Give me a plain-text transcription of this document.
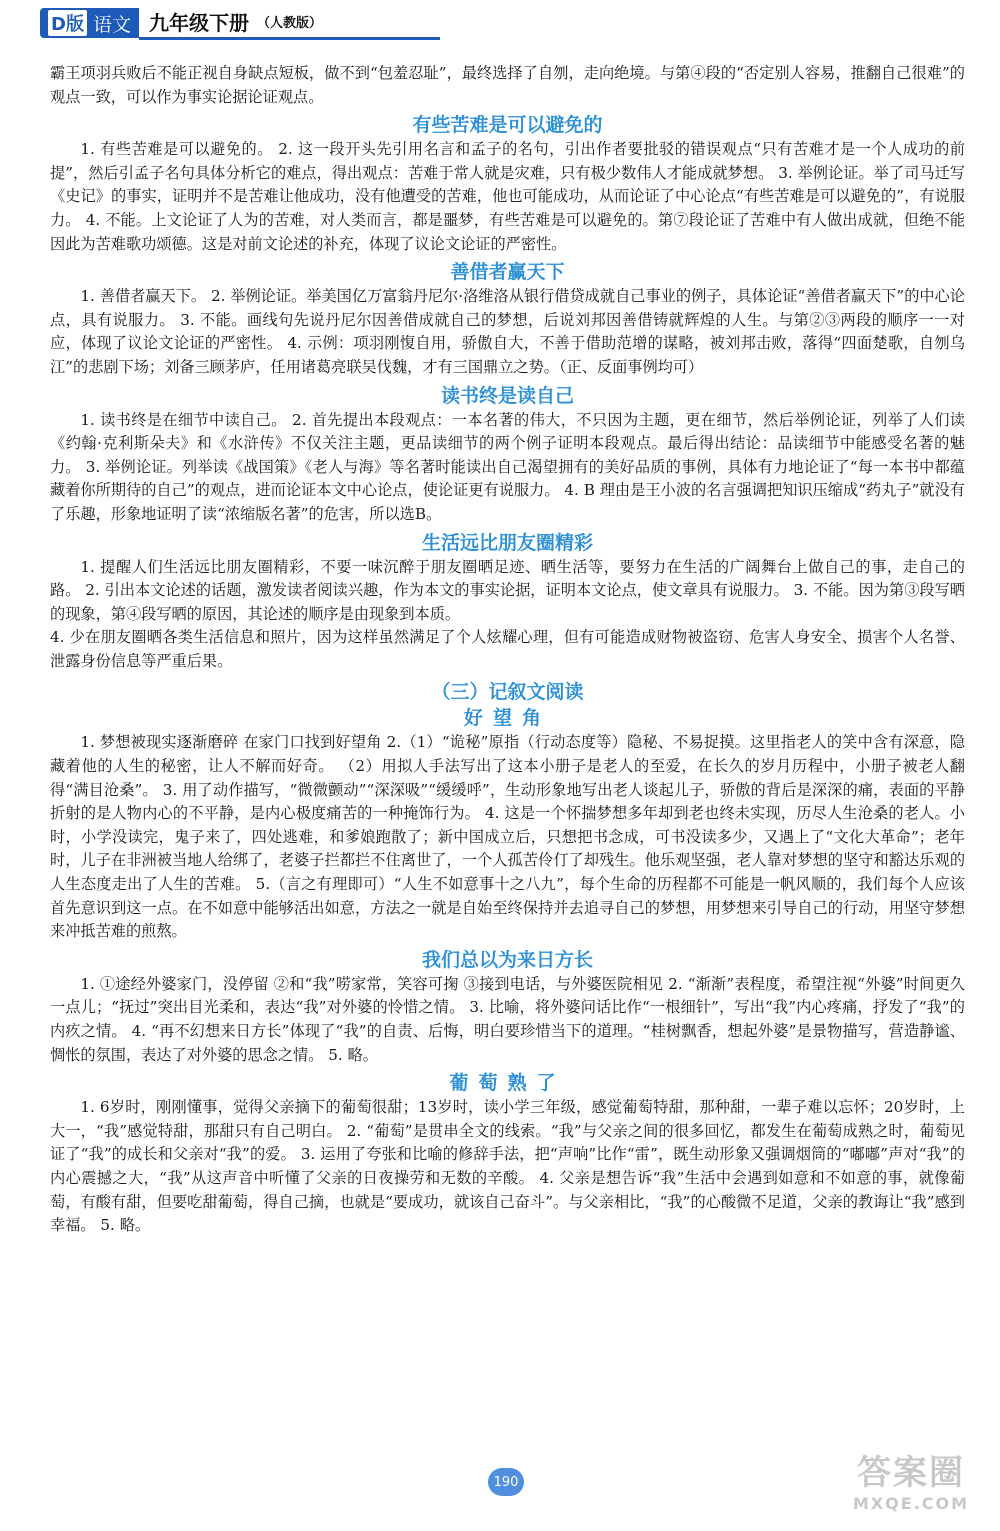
D版 语文 九年级下册 （人教版）

霸王项羽兵败后不能正视自身缺点短板，做不到“包羞忍耻”，最终选择了自刎，走向绝境。与第④段的“否定别人容易，推翻自己很难”的观点一致，可以作为事实论据论证观点。

有些苦难是可以避免的

1. 有些苦难是可以避免的。 2. 这一段开头先引用名言和孟子的名句，引出作者要批驳的错误观点“只有苦难才是一个人成功的前提”，然后引孟子名句具体分析它的难点，得出观点：苦难于常人就是灾难，只有极少数伟人才能成就梦想。 3. 举例论证。举了司马迁写《史记》的事实，证明并不是苦难让他成功，没有他遭受的苦难，他也可能成功，从而论证了中心论点“有些苦难是可以避免的”，有说服力。 4. 不能。上文论证了人为的苦难，对人类而言，都是噩梦，有些苦难是可以避免的。第⑦段论证了苦难中有人做出成就，但绝不能因此为苦难歌功颂德。这是对前文论述的补充，体现了议论文论证的严密性。

善借者赢天下

1. 善借者赢天下。 2. 举例论证。举美国亿万富翁丹尼尔·洛维洛从银行借贷成就自己事业的例子，具体论证“善借者赢天下”的中心论点，具有说服力。 3. 不能。画线句先说丹尼尔因善借成就自己的梦想，后说刘邦因善借铸就辉煌的人生。与第②③两段的顺序一一对应，体现了议论文论证的严密性。 4. 示例：项羽刚愎自用，骄傲自大，不善于借助范增的谋略，被刘邦击败，落得“四面楚歌，自刎乌江”的悲剧下场；刘备三顾茅庐，任用诸葛亮联吴伐魏，才有三国鼎立之势。（正、反面事例均可）

读书终是读自己

1. 读书终是在细节中读自己。 2. 首先提出本段观点：一本名著的伟大，不只因为主题，更在细节，然后举例论证，列举了人们读《约翰·克利斯朵夫》和《水浒传》不仅关注主题，更品读细节的两个例子证明本段观点。最后得出结论：品读细节中能感受名著的魅力。 3. 举例论证。列举读《战国策》《老人与海》等名著时能读出自己渴望拥有的美好品质的事例，具体有力地论证了“每一本书中都蕴藏着你所期待的自己”的观点，进而论证本文中心论点，使论证更有说服力。 4. B 理由是王小波的名言强调把知识压缩成“药丸子”就没有了乐趣，形象地证明了读“浓缩版名著”的危害，所以选B。

生活远比朋友圈精彩

1. 提醒人们生活远比朋友圈精彩，不要一味沉醉于朋友圈晒足迹、晒生活等，要努力在生活的广阔舞台上做自己的事，走自己的路。 2. 引出本文论述的话题，激发读者阅读兴趣，作为本文的事实论据，证明本文论点，使文章具有说服力。 3. 不能。因为第③段写晒的现象，第④段写晒的原因，其论述的顺序是由现象到本质。

4. 少在朋友圈晒各类生活信息和照片，因为这样虽然满足了个人炫耀心理，但有可能造成财物被盗窃、危害人身安全、损害个人名誉、泄露身份信息等严重后果。

（三）记叙文阅读
好望角

1. 梦想被现实逐渐磨碎 在家门口找到好望角 2.（1）“诡秘”原指（行动态度等）隐秘、不易捉摸。这里指老人的笑中含有深意，隐藏着他的人生的秘密，让人不解而好奇。 （2）用拟人手法写出了这本小册子是老人的至爱，在长久的岁月历程中，小册子被老人翻得“满目沧桑”。 3. 用了动作描写，“微微颤动”“深深吸”“缓缓呼”，生动形象地写出老人谈起儿子，骄傲的背后是深深的痛，表面的平静折射的是人物内心的不平静，是内心极度痛苦的一种掩饰行为。 4. 这是一个怀揣梦想多年却到老也终未实现，历尽人生沧桑的老人。小时，小学没读完，鬼子来了，四处逃难，和爹娘跑散了；新中国成立后，只想把书念成，可书没读多少，又遇上了“文化大革命”；老年时，儿子在非洲被当地人给绑了，老婆子拦都拦不住离世了，一个人孤苦伶仃了却残生。他乐观坚强，老人靠对梦想的坚守和豁达乐观的人生态度走出了人生的苦难。 5.（言之有理即可）“人生不如意事十之八九”，每个生命的历程都不可能是一帆风顺的，我们每个人应该首先意识到这一点。在不如意中能够活出如意，方法之一就是自始至终保持并去追寻自己的梦想，用梦想来引导自己的行动，用坚守梦想来冲抵苦难的煎熬。

我们总以为来日方长

1. ①途经外婆家门，没停留 ②和“我”唠家常，笑容可掬 ③接到电话，与外婆医院相见 2. “渐渐”表程度，希望注视“外婆”时间更久一点儿；“抚过”突出目光柔和，表达“我”对外婆的怜惜之情。 3. 比喻，将外婆问话比作“一根细针”，写出“我”内心疼痛，抒发了“我”的内疚之情。 4. “再不幻想来日方长”体现了“我”的自责、后悔，明白要珍惜当下的道理。“桂树飘香，想起外婆”是景物描写，营造静谧、惆怅的氛围，表达了对外婆的思念之情。 5. 略。

葡萄熟了

1. 6岁时，刚刚懂事，觉得父亲摘下的葡萄很甜；13岁时，读小学三年级，感觉葡萄特甜，那种甜，一辈子难以忘怀；20岁时，上大一，“我”感觉特甜，那甜只有自己明白。 2. “葡萄”是贯串全文的线索。“我”与父亲之间的很多回忆，都发生在葡萄成熟之时，葡萄见证了“我”的成长和父亲对“我”的爱。 3. 运用了夸张和比喻的修辞手法，把“声响”比作“雷”，既生动形象又强调烟筒的“嘟嘟”声对“我”的内心震撼之大，“我”从这声音中听懂了父亲的日夜操劳和无数的辛酸。 4. 父亲是想告诉“我”生活中会遇到如意和不如意的事，就像葡萄，有酸有甜，但要吃甜葡萄，得自己摘，也就是“要成功，就该自己奋斗”。与父亲相比，“我”的心酸微不足道，父亲的教诲让“我”感到幸福。 5. 略。

190	答案圈
MXQE.COM
